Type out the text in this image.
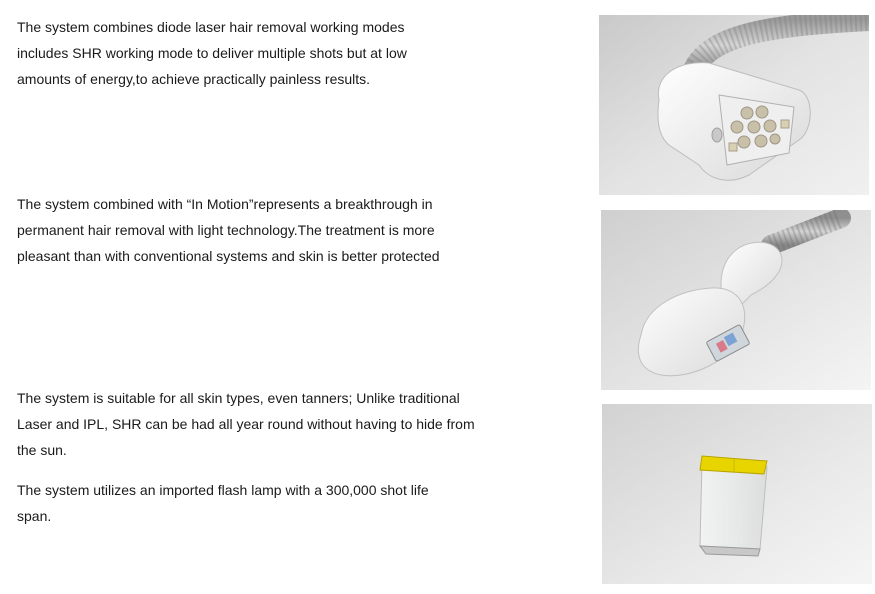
The system combines diode laser hair removal working modes includes SHR working mode to deliver multiple shots but at low amounts of energy,to achieve practically painless results.

The system combined with “In Motion”represents a breakthrough in permanent hair removal with light technology.The treatment is more pleasant than with conventional systems and skin is better protected

The system is suitable for all skin types, even tanners; Unlike traditional Laser and IPL, SHR can be had all year round without having to hide from the sun.

The system utilizes an imported flash lamp with a 300,000 shot life span.
